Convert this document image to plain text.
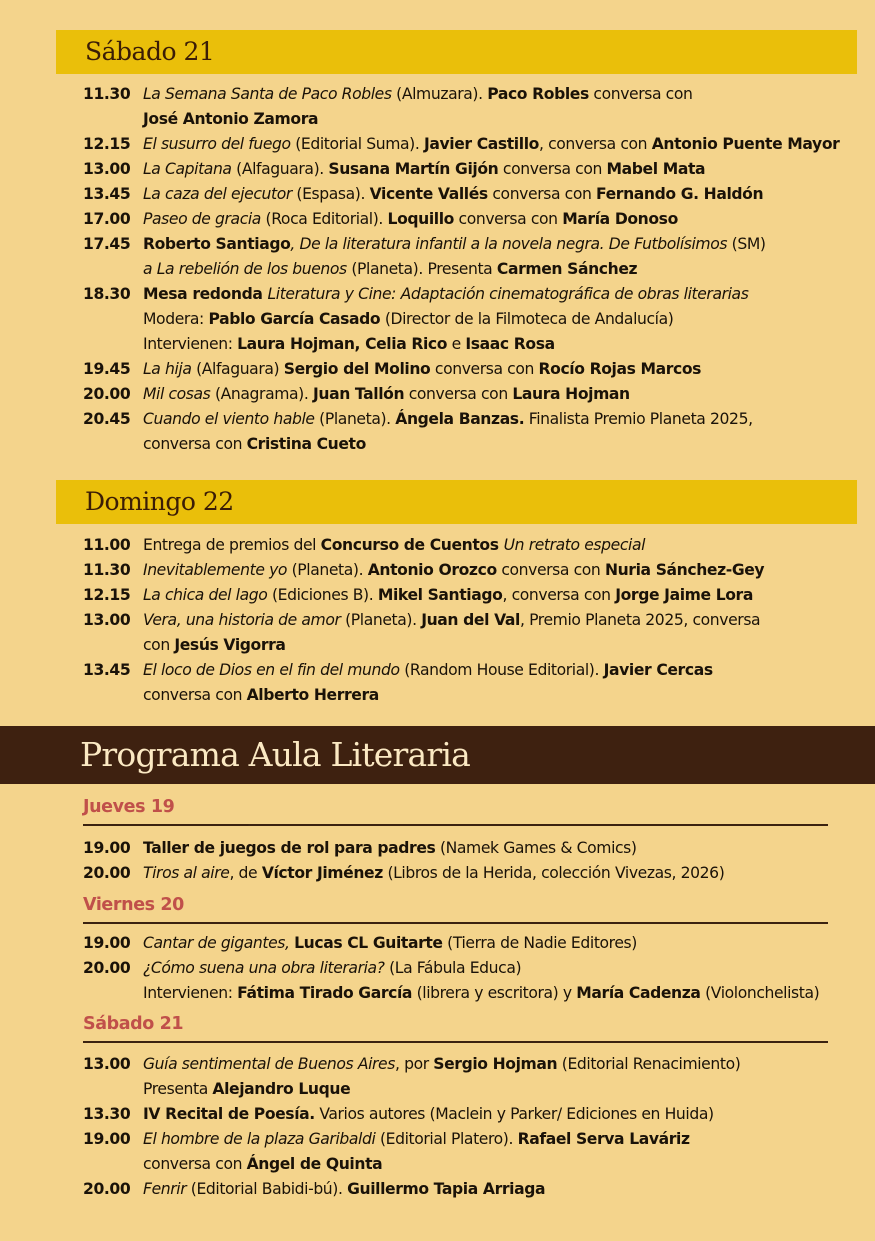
Sábado 21
11.30 La Semana Santa de Paco Robles (Almuzara). Paco Robles conversa con
José Antonio Zamora
12.15 El susurro del fuego (Editorial Suma). Javier Castillo, conversa con Antonio Puente Mayor
13.00 La Capitana (Alfaguara). Susana Martín Gijón conversa con Mabel Mata
13.45 La caza del ejecutor (Espasa). Vicente Vallés conversa con Fernando G. Haldón
17.00 Paseo de gracia (Roca Editorial). Loquillo conversa con María Donoso
17.45 Roberto Santiago, De la literatura infantil a la novela negra. De Futbolísimos (SM)
a La rebelión de los buenos (Planeta). Presenta Carmen Sánchez
18.30 Mesa redonda Literatura y Cine: Adaptación cinematográfica de obras literarias
Modera: Pablo García Casado (Director de la Filmoteca de Andalucía)
Intervienen: Laura Hojman, Celia Rico e Isaac Rosa
19.45 La hija (Alfaguara) Sergio del Molino conversa con Rocío Rojas Marcos
20.00 Mil cosas (Anagrama). Juan Tallón conversa con Laura Hojman
20.45 Cuando el viento hable (Planeta). Ángela Banzas. Finalista Premio Planeta 2025,
conversa con Cristina Cueto
Domingo 22
11.00 Entrega de premios del Concurso de Cuentos Un retrato especial
11.30 Inevitablemente yo (Planeta). Antonio Orozco conversa con Nuria Sánchez-Gey
12.15 La chica del lago (Ediciones B). Mikel Santiago, conversa con Jorge Jaime Lora
13.00 Vera, una historia de amor (Planeta). Juan del Val, Premio Planeta 2025, conversa
con Jesús Vigorra
13.45 El loco de Dios en el fin del mundo (Random House Editorial). Javier Cercas
conversa con Alberto Herrera
Programa Aula Literaria
Jueves 19
19.00 Taller de juegos de rol para padres (Namek Games & Comics)
20.00 Tiros al aire, de Víctor Jiménez (Libros de la Herida, colección Vivezas, 2026)
Viernes 20
19.00 Cantar de gigantes, Lucas CL Guitarte (Tierra de Nadie Editores)
20.00 ¿Cómo suena una obra literaria? (La Fábula Educa)
Intervienen: Fátima Tirado García (librera y escritora) y María Cadenza (Violonchelista)
Sábado 21
13.00 Guía sentimental de Buenos Aires, por Sergio Hojman (Editorial Renacimiento)
Presenta Alejandro Luque
13.30 IV Recital de Poesía. Varios autores (Maclein y Parker/ Ediciones en Huida)
19.00 El hombre de la plaza Garibaldi (Editorial Platero). Rafael Serva Laváriz
conversa con Ángel de Quinta
20.00 Fenrir (Editorial Babidi-bú). Guillermo Tapia Arriaga
